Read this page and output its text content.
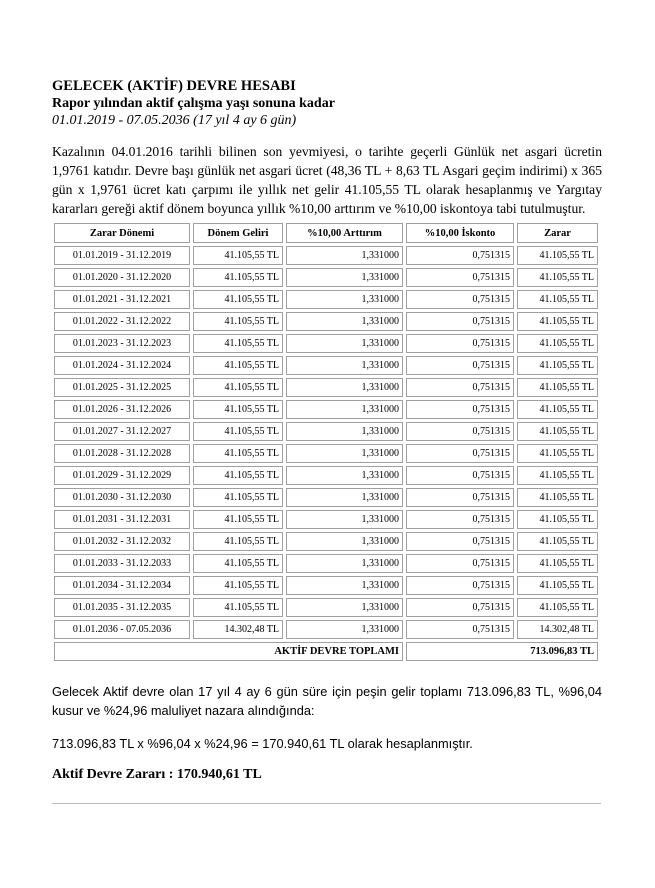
GELECEK (AKTİF) DEVRE HESABI
Rapor yılından aktif çalışma yaşı sonuna kadar
01.01.2019 - 07.05.2036 (17 yıl 4 ay 6 gün)
Kazalının 04.01.2016 tarihli bilinen son yevmiyesi, o tarihte geçerli Günlük net asgari ücretin 1,9761 katıdır. Devre başı günlük net asgari ücret (48,36 TL + 8,63 TL Asgari geçim indirimi) x 365 gün x 1,9761 ücret katı çarpımı ile yıllık net gelir 41.105,55 TL olarak hesaplanmış ve Yargıtay kararları gereği aktif dönem boyunca yıllık %10,00 arttırım ve %10,00 iskontoya tabi tutulmuştur.
Zarar Dönemi	Dönem Geliri	%10,00 Arttırım	%10,00 İskonto	Zarar
01.01.2019 - 31.12.2019	41.105,55 TL	1,331000	0,751315	41.105,55 TL
01.01.2020 - 31.12.2020	41.105,55 TL	1,331000	0,751315	41.105,55 TL
01.01.2021 - 31.12.2021	41.105,55 TL	1,331000	0,751315	41.105,55 TL
01.01.2022 - 31.12.2022	41.105,55 TL	1,331000	0,751315	41.105,55 TL
01.01.2023 - 31.12.2023	41.105,55 TL	1,331000	0,751315	41.105,55 TL
01.01.2024 - 31.12.2024	41.105,55 TL	1,331000	0,751315	41.105,55 TL
01.01.2025 - 31.12.2025	41.105,55 TL	1,331000	0,751315	41.105,55 TL
01.01.2026 - 31.12.2026	41.105,55 TL	1,331000	0,751315	41.105,55 TL
01.01.2027 - 31.12.2027	41.105,55 TL	1,331000	0,751315	41.105,55 TL
01.01.2028 - 31.12.2028	41.105,55 TL	1,331000	0,751315	41.105,55 TL
01.01.2029 - 31.12.2029	41.105,55 TL	1,331000	0,751315	41.105,55 TL
01.01.2030 - 31.12.2030	41.105,55 TL	1,331000	0,751315	41.105,55 TL
01.01.2031 - 31.12.2031	41.105,55 TL	1,331000	0,751315	41.105,55 TL
01.01.2032 - 31.12.2032	41.105,55 TL	1,331000	0,751315	41.105,55 TL
01.01.2033 - 31.12.2033	41.105,55 TL	1,331000	0,751315	41.105,55 TL
01.01.2034 - 31.12.2034	41.105,55 TL	1,331000	0,751315	41.105,55 TL
01.01.2035 - 31.12.2035	41.105,55 TL	1,331000	0,751315	41.105,55 TL
01.01.2036 - 07.05.2036	14.302,48 TL	1,331000	0,751315	14.302,48 TL
AKTİF DEVRE TOPLAMI			713.096,83 TL	
Gelecek Aktif devre olan 17 yıl 4 ay 6 gün süre için peşin gelir toplamı 713.096,83 TL, %96,04 kusur ve %24,96 maluliyet nazara alındığında:
713.096,83 TL x %96,04 x %24,96 = 170.940,61 TL olarak hesaplanmıştır.
Aktif Devre Zararı : 170.940,61 TL
